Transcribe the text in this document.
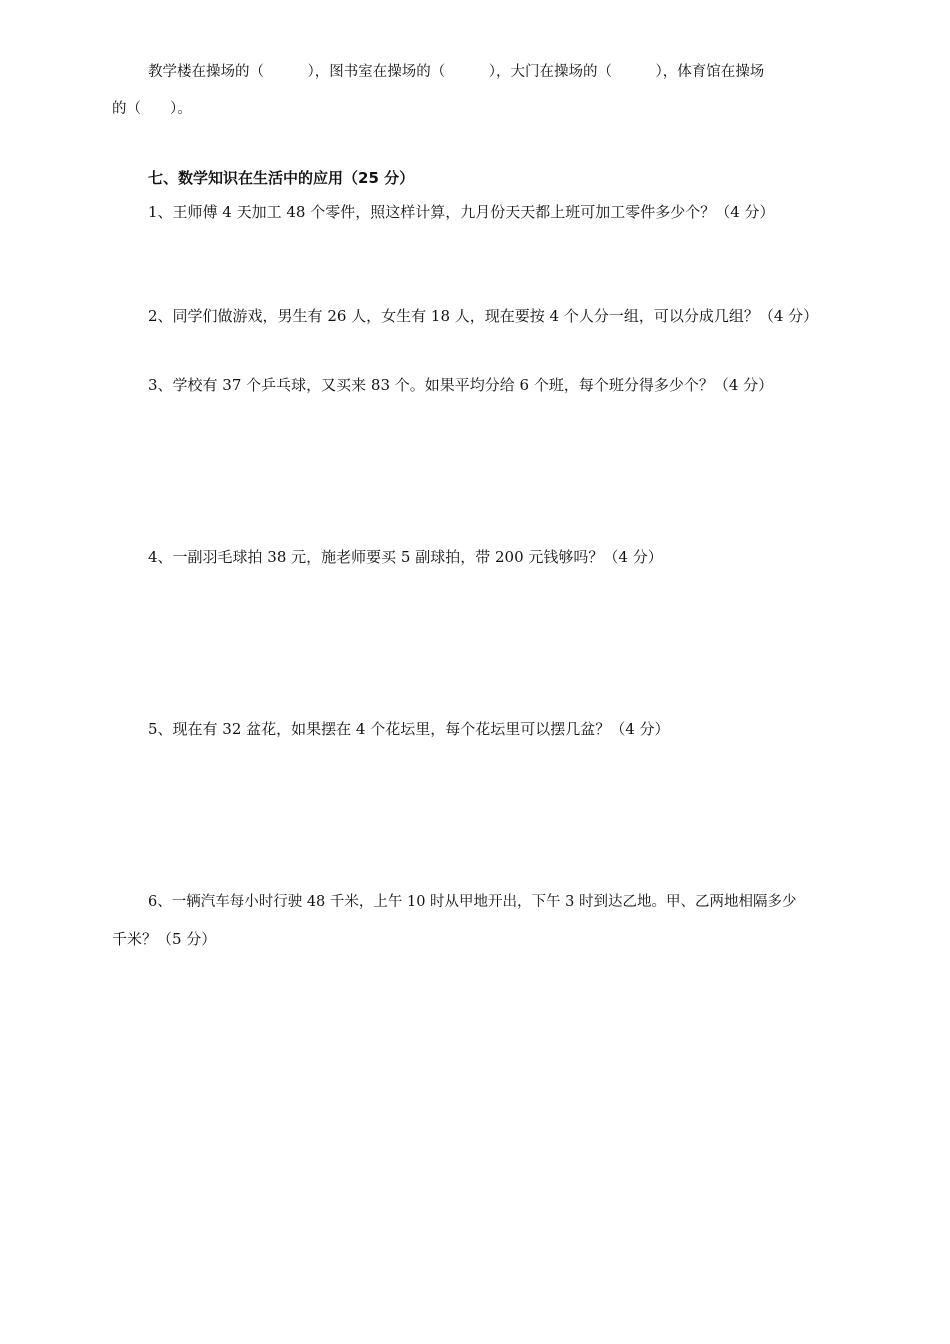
教学楼在操场的（　　　），图书室在操场的（　　　），大门在操场的（　　　），体育馆在操场
的（　　）。
七、数学知识在生活中的应用（25 分）
1、王师傅 4 天加工 48 个零件，照这样计算，九月份天天都上班可加工零件多少个？（4 分）
2、同学们做游戏，男生有 26 人，女生有 18 人，现在要按 4 个人分一组，可以分成几组？（4 分）
3、学校有 37 个乒乓球，又买来 83 个。如果平均分给 6 个班，每个班分得多少个？（4 分）
4、一副羽毛球拍 38 元，施老师要买 5 副球拍，带 200 元钱够吗？（4 分）
5、现在有 32 盆花，如果摆在 4 个花坛里，每个花坛里可以摆几盆？（4 分）
6、一辆汽车每小时行驶 48 千米，上午 10 时从甲地开出，下午 3 时到达乙地。甲、乙两地相隔多少
千米？（5 分）
